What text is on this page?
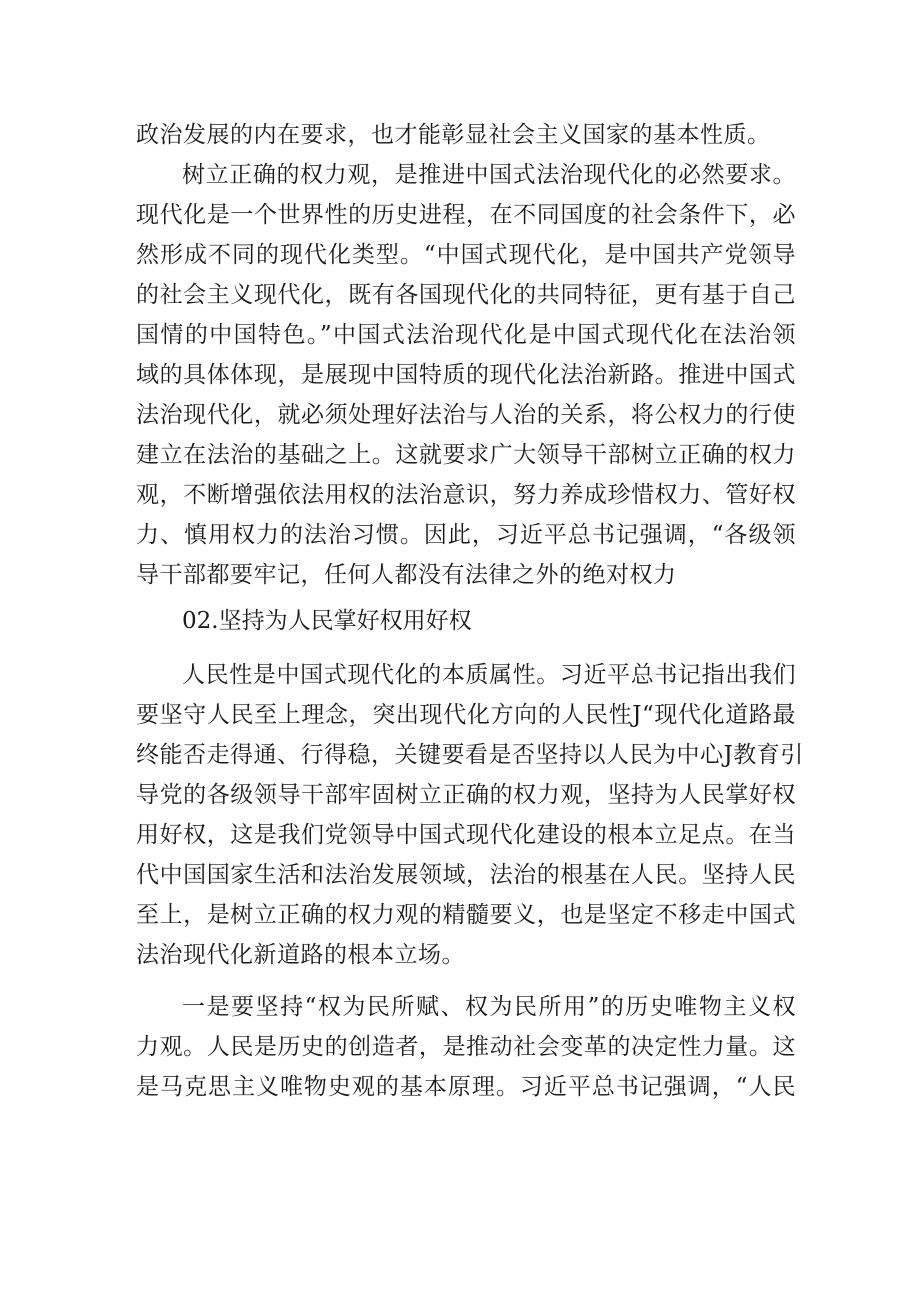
政治发展的内在要求，也才能彰显社会主义国家的基本性质。
树立正确的权力观，是推进中国式法治现代化的必然要求。
现代化是一个世界性的历史进程，在不同国度的社会条件下，必
然形成不同的现代化类型。“中国式现代化，是中国共产党领导
的社会主义现代化，既有各国现代化的共同特征，更有基于自己
国情的中国特色。”中国式法治现代化是中国式现代化在法治领
域的具体体现，是展现中国特质的现代化法治新路。推进中国式
法治现代化，就必须处理好法治与人治的关系，将公权力的行使
建立在法治的基础之上。这就要求广大领导干部树立正确的权力
观，不断增强依法用权的法治意识，努力养成珍惜权力、管好权
力、慎用权力的法治习惯。因此，习近平总书记强调，“各级领
导干部都要牢记，任何人都没有法律之外的绝对权力
02.坚持为人民掌好权用好权
人民性是中国式现代化的本质属性。习近平总书记指出我们
要坚守人民至上理念，突出现代化方向的人民性J“现代化道路最
终能否走得通、行得稳，关键要看是否坚持以人民为中心J教育引
导党的各级领导干部牢固树立正确的权力观，坚持为人民掌好权
用好权，这是我们党领导中国式现代化建设的根本立足点。在当
代中国国家生活和法治发展领域，法治的根基在人民。坚持人民
至上，是树立正确的权力观的精髓要义，也是坚定不移走中国式
法治现代化新道路的根本立场。
一是要坚持“权为民所赋、权为民所用”的历史唯物主义权
力观。人民是历史的创造者，是推动社会变革的决定性力量。这
是马克思主义唯物史观的基本原理。习近平总书记强调，“人民
